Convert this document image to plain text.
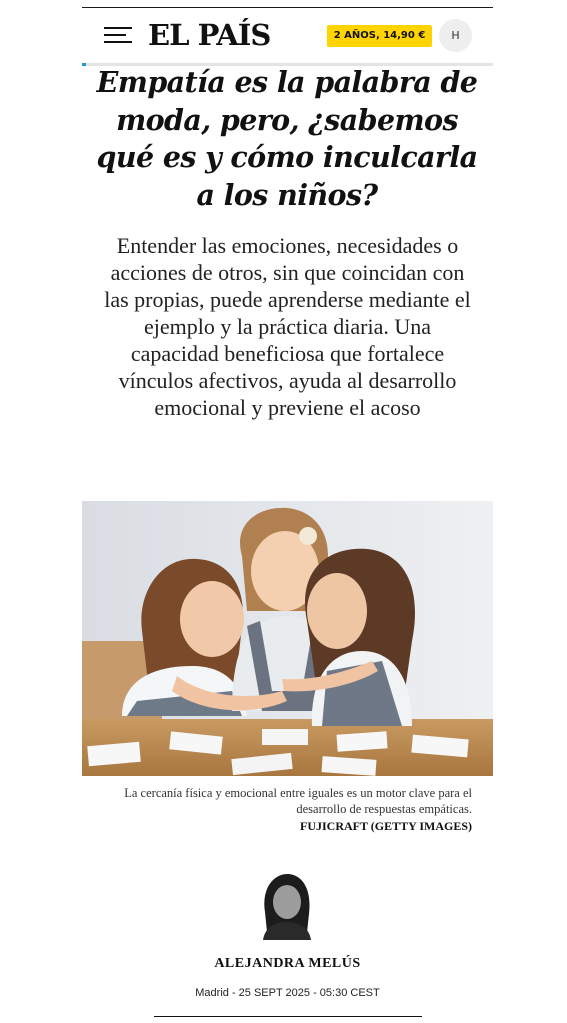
EL PAÍS	2 AÑOS, 14,90 €	H
Empatía es la palabra de moda, pero, ¿sabemos qué es y cómo inculcarla a los niños?

Entender las emociones, necesidades o acciones de otros, sin que coincidan con las propias, puede aprenderse mediante el ejemplo y la práctica diaria. Una capacidad beneficiosa que fortalece vínculos afectivos, ayuda al desarrollo emocional y previene el acoso

La cercanía física y emocional entre iguales es un motor clave para el desarrollo de respuestas empáticas.
FUJICRAFT (GETTY IMAGES)
ALEJANDRA MELÚS
Madrid - 25 SEPT 2025 - 05:30 CEST
